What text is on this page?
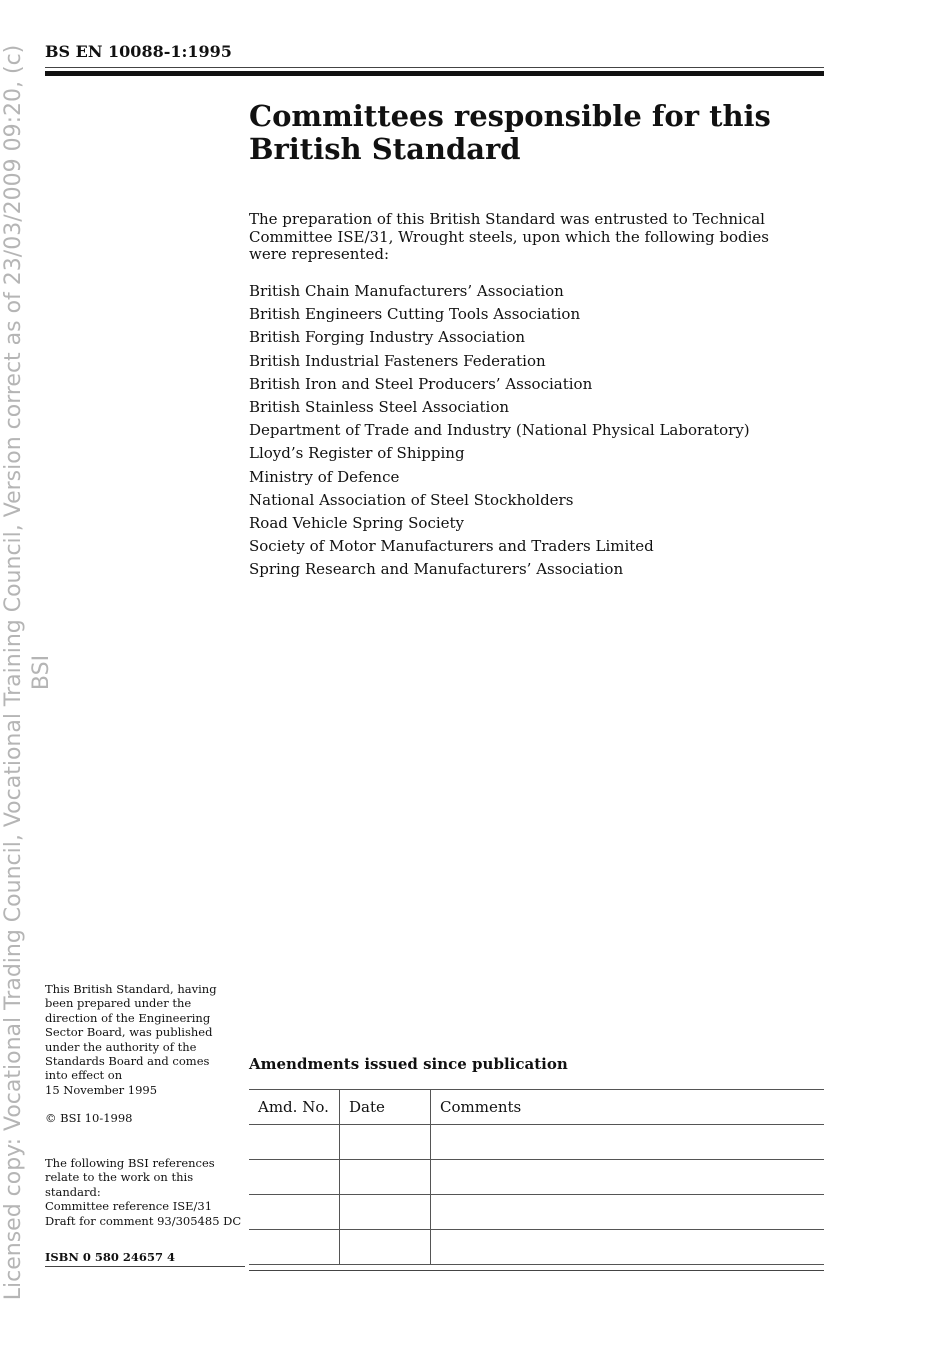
Licensed copy: Vocational Trading Council, Vocational Training Council, Version correct as of 23/03/2009 09:20, (c) BSI
BS EN 10088-1:1995
Committees responsible for this
British Standard

The preparation of this British Standard was entrusted to Technical Committee ISE/31, Wrought steels, upon which the following bodies were represented:

British Chain Manufacturers’ Association
British Engineers Cutting Tools Association
British Forging Industry Association
British Industrial Fasteners Federation
British Iron and Steel Producers’ Association
British Stainless Steel Association
Department of Trade and Industry (National Physical Laboratory)
Lloyd’s Register of Shipping
Ministry of Defence
National Association of Steel Stockholders
Road Vehicle Spring Society
Society of Motor Manufacturers and Traders Limited
Spring Research and Manufacturers’ Association
This British Standard, having
been prepared under the
direction of the Engineering
Sector Board, was published
under the authority of the
Standards Board and comes
into effect on
15 November 1995
© BSI 10-1998
The following BSI references
relate to the work on this
standard:
Committee reference ISE/31
Draft for comment 93/305485 DC
ISBN 0 580 24657 4
Amendments issued since publication
Amd. No.	Date	Comments
